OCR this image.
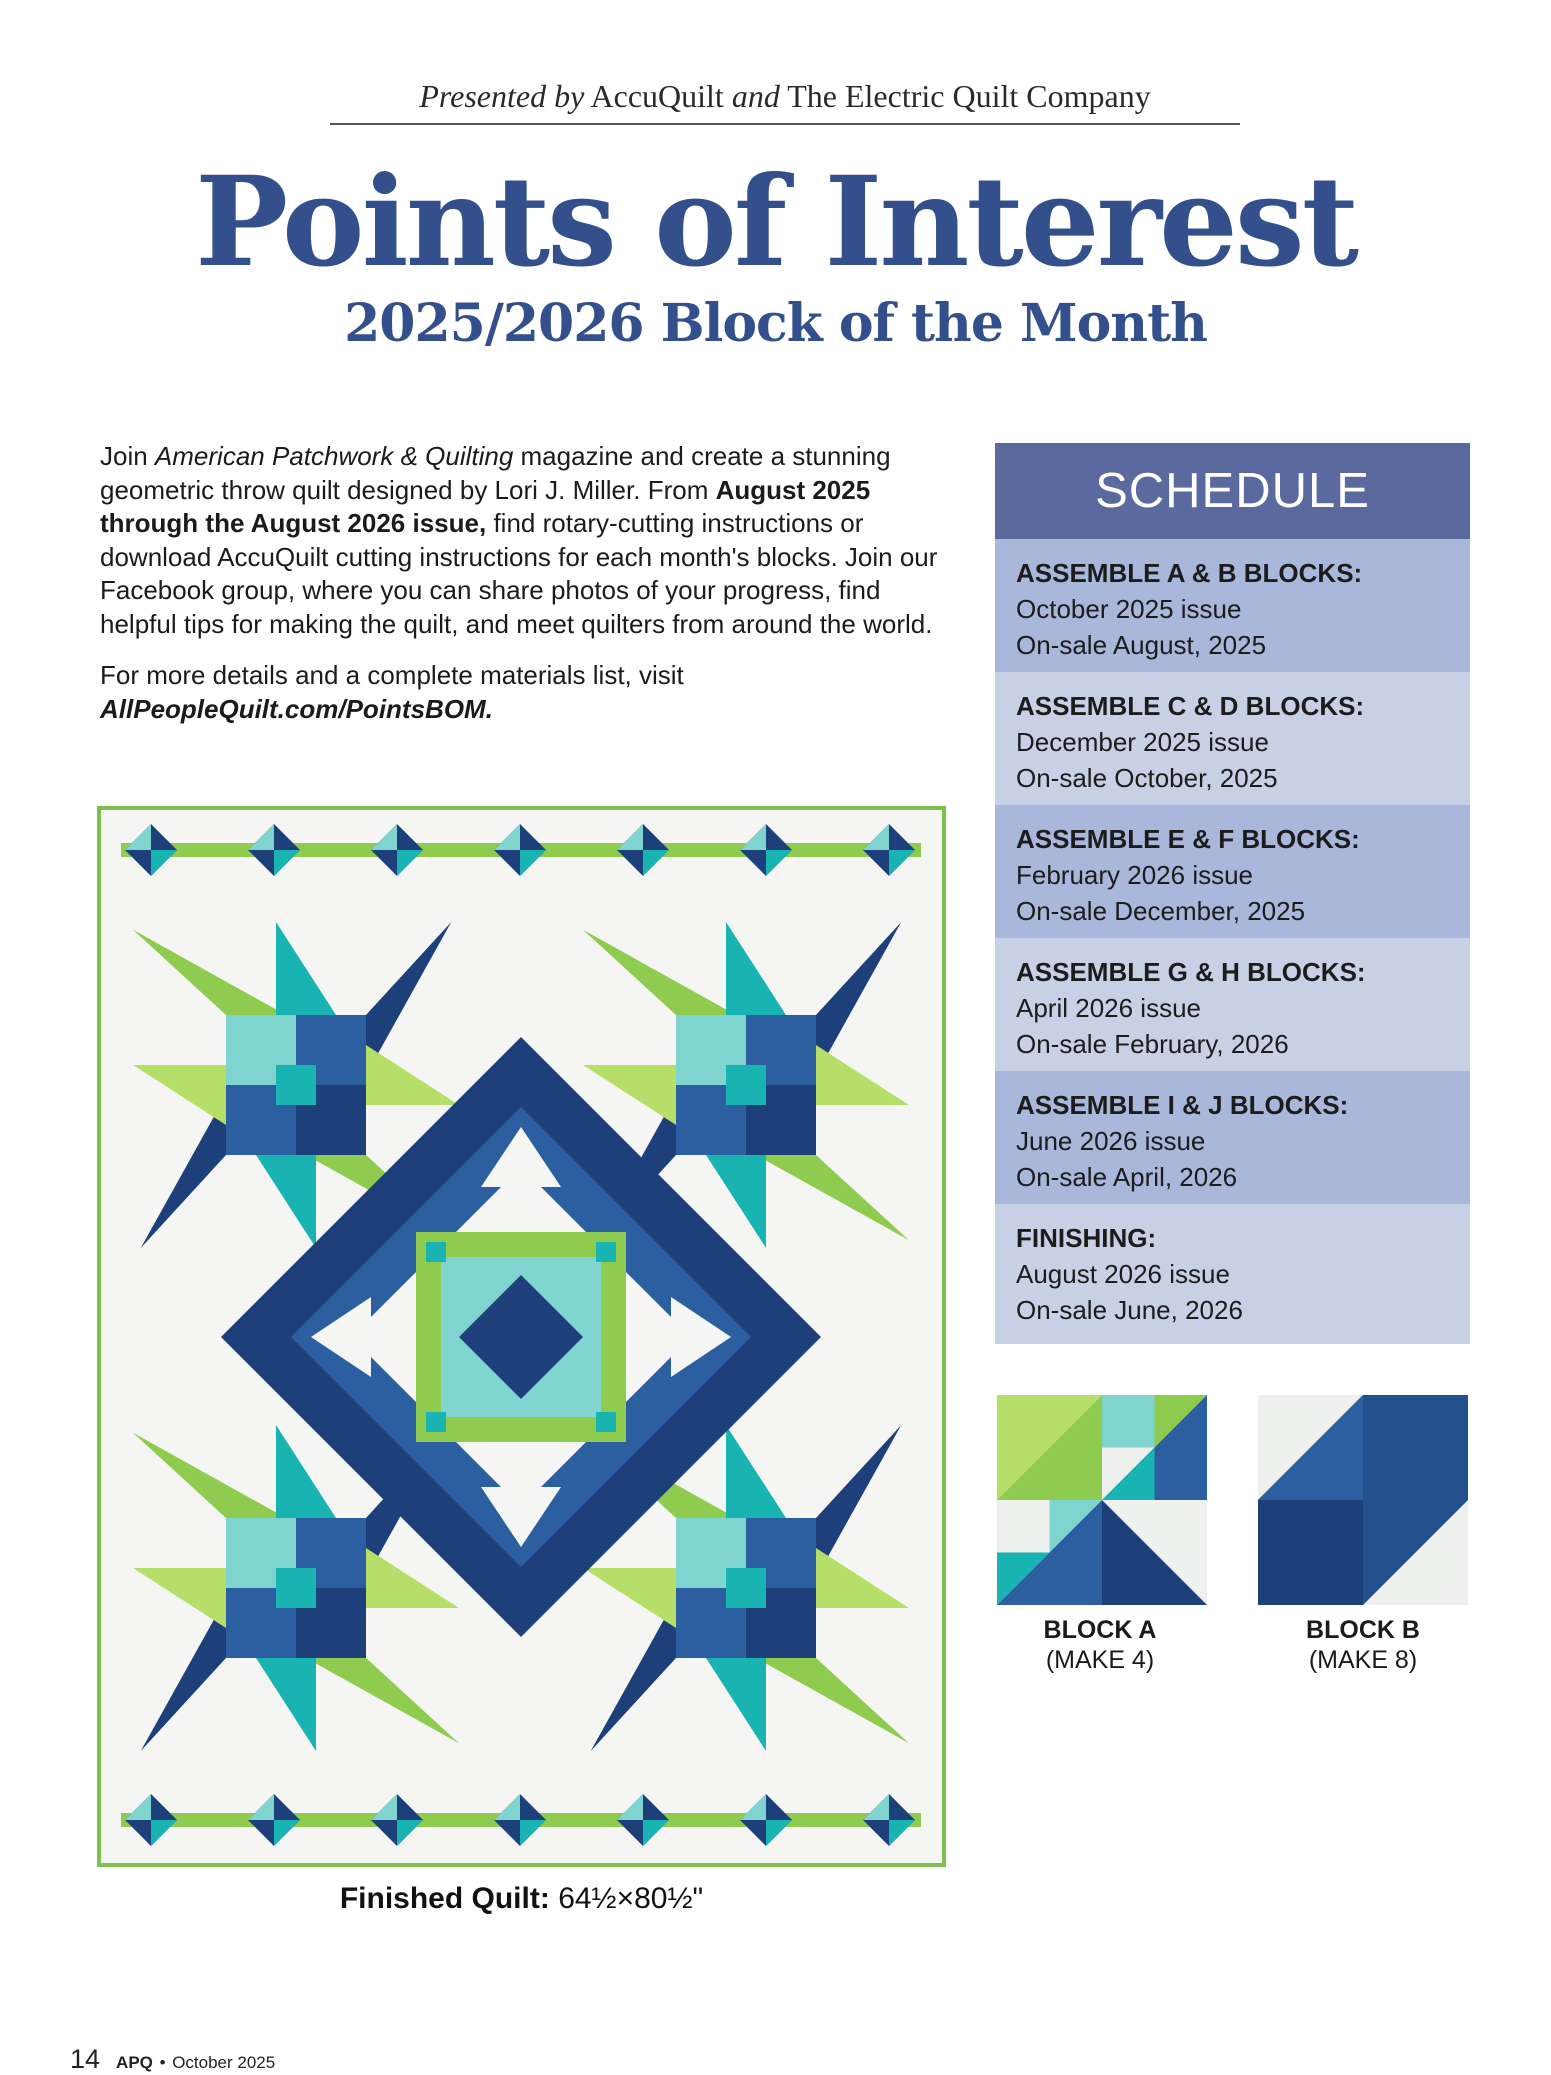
Presented by AccuQuilt and The Electric Quilt Company
Points of Interest
2025/2026 Block of the Month

Join American Patchwork & Quilting magazine and create a stunning geometric throw quilt designed by Lori J. Miller. From August 2025 through the August 2026 issue, find rotary-cutting instructions or download AccuQuilt cutting instructions for each month's blocks. Join our Facebook group, where you can share photos of your progress, find helpful tips for making the quilt, and meet quilters from around the world.

For more details and a complete materials list, visit AllPeopleQuilt.com/PointsBOM.

SCHEDULE
ASSEMBLE A & B BLOCKS:
October 2025 issue
On-sale August, 2025
ASSEMBLE C & D BLOCKS:
December 2025 issue
On-sale October, 2025
ASSEMBLE E & F BLOCKS:
February 2026 issue
On-sale December, 2025
ASSEMBLE G & H BLOCKS:
April 2026 issue
On-sale February, 2026
ASSEMBLE I & J BLOCKS:
June 2026 issue
On-sale April, 2026
FINISHING:
August 2026 issue
On-sale June, 2026
BLOCK A
(MAKE 4)
BLOCK B
(MAKE 8)
Finished Quilt: 64½×80½"
14 APQ • October 2025
